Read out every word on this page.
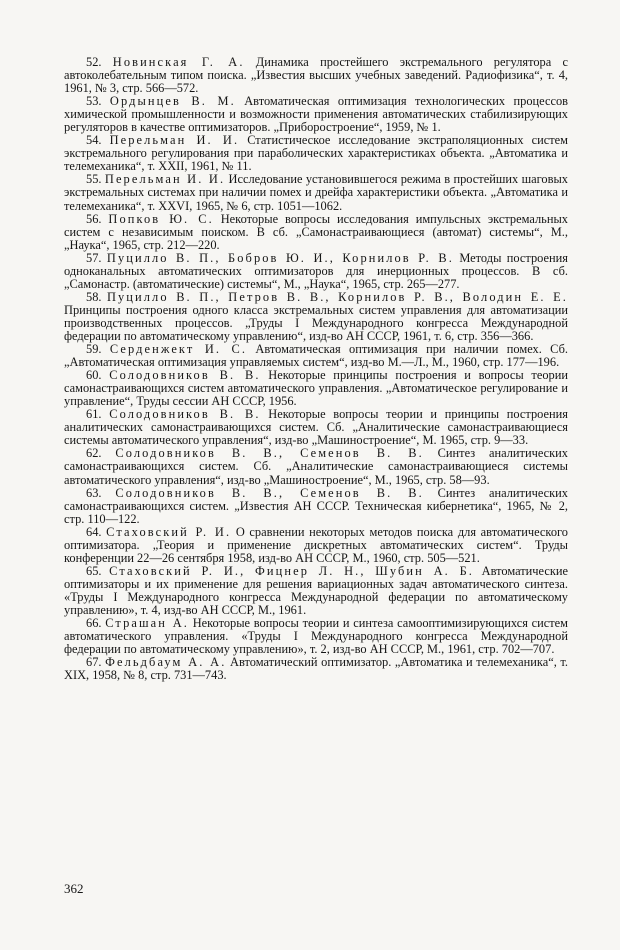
52. Новинская Г. А. Динамика простейшего экстремального регулятора с автоколебательным типом поиска. „Известия высших учебных заведений. Радиофизика“, т. 4, 1961, № 3, стр. 566—572.

53. Ордынцев В. М. Автоматическая оптимизация технологических процессов химической промышленности и возможности применения автоматических стабилизирующих регуляторов в качестве оптимизаторов. „Приборостроение“, 1959, № 1.

54. Перельман И. И. Статистическое исследование экстраполяционных систем экстремального регулирования при параболических характеристиках объекта. „Автоматика и телемеханика“, т. XXII, 1961, № 11.

55. Перельман И. И. Исследование установившегося режима в простейших шаговых экстремальных системах при наличии помех и дрейфа характеристики объекта. „Автоматика и телемеханика“, т. XXVI, 1965, № 6, стр. 1051—1062.

56. Попков Ю. С. Некоторые вопросы исследования импульсных экстремальных систем с независимым поиском. В сб. „Самонастраивающиеся (автомат) системы“, М., „Наука“, 1965, стр. 212—220.

57. Пуцилло В. П., Бобров Ю. И., Корнилов Р. В. Методы построения одноканальных автоматических оптимизаторов для инерционных процессов. В сб. „Самонастр. (автоматические) системы“, М., „Наука“, 1965, стр. 265—277.

58. Пуцилло В. П., Петров В. В., Корнилов Р. В., Володин Е. Е. Принципы построения одного класса экстремальных систем управления для автоматизации производственных процессов. „Труды I Международного конгресса Международной федерации по автоматическому управлению“, изд-во АН СССР, 1961, т. 6, стр. 356—366.

59. Серденжект И. С. Автоматическая оптимизация при наличии помех. Сб. „Автоматическая оптимизация управляемых систем“, изд-во М.—Л., М., 1960, стр. 177—196.

60. Солодовников В. В. Некоторые принципы построения и вопросы теории самонастраивающихся систем автоматического управления. „Автоматическое регулирование и управление“, Труды сессии АН СССР, 1956.

61. Солодовников В. В. Некоторые вопросы теории и принципы построения аналитических самонастраивающихся систем. Сб. „Аналитические самонастраивающиеся системы автоматического управления“, изд-во „Машиностроение“, М. 1965, стр. 9—33.

62. Солодовников В. В., Семенов В. В. Синтез аналитических самонастраивающихся систем. Сб. „Аналитические самонастраивающиеся системы автоматического управления“, изд-во „Машиностроение“, М., 1965, стр. 58—93.

63. Солодовников В. В., Семенов В. В. Синтез аналитических самонастраивающихся систем. „Известия АН СССР. Техническая кибернетика“, 1965, № 2, стр. 110—122.

64. Стаховский Р. И. О сравнении некоторых методов поиска для автоматического оптимизатора. „Теория и применение дискретных автоматических систем“. Труды конференции 22—26 сентября 1958, изд-во АН СССР, М., 1960, стр. 505—521.

65. Стаховский Р. И., Фицнер Л. Н., Шубин А. Б. Автоматические оптимизаторы и их применение для решения вариационных задач автоматического синтеза. «Труды I Международного конгресса Международной федерации по автоматическому управлению», т. 4, изд-во АН СССР, М., 1961.

66. Страшан А. Некоторые вопросы теории и синтеза самооптимизирующихся систем автоматического управления. «Труды I Международного конгресса Международной федерации по автоматическому управлению», т. 2, изд-во АН СССР, М., 1961, стр. 702—707.

67. Фельдбаум А. А. Автоматический оптимизатор. „Автоматика и телемеханика“, т. XIX, 1958, № 8, стр. 731—743.

362
